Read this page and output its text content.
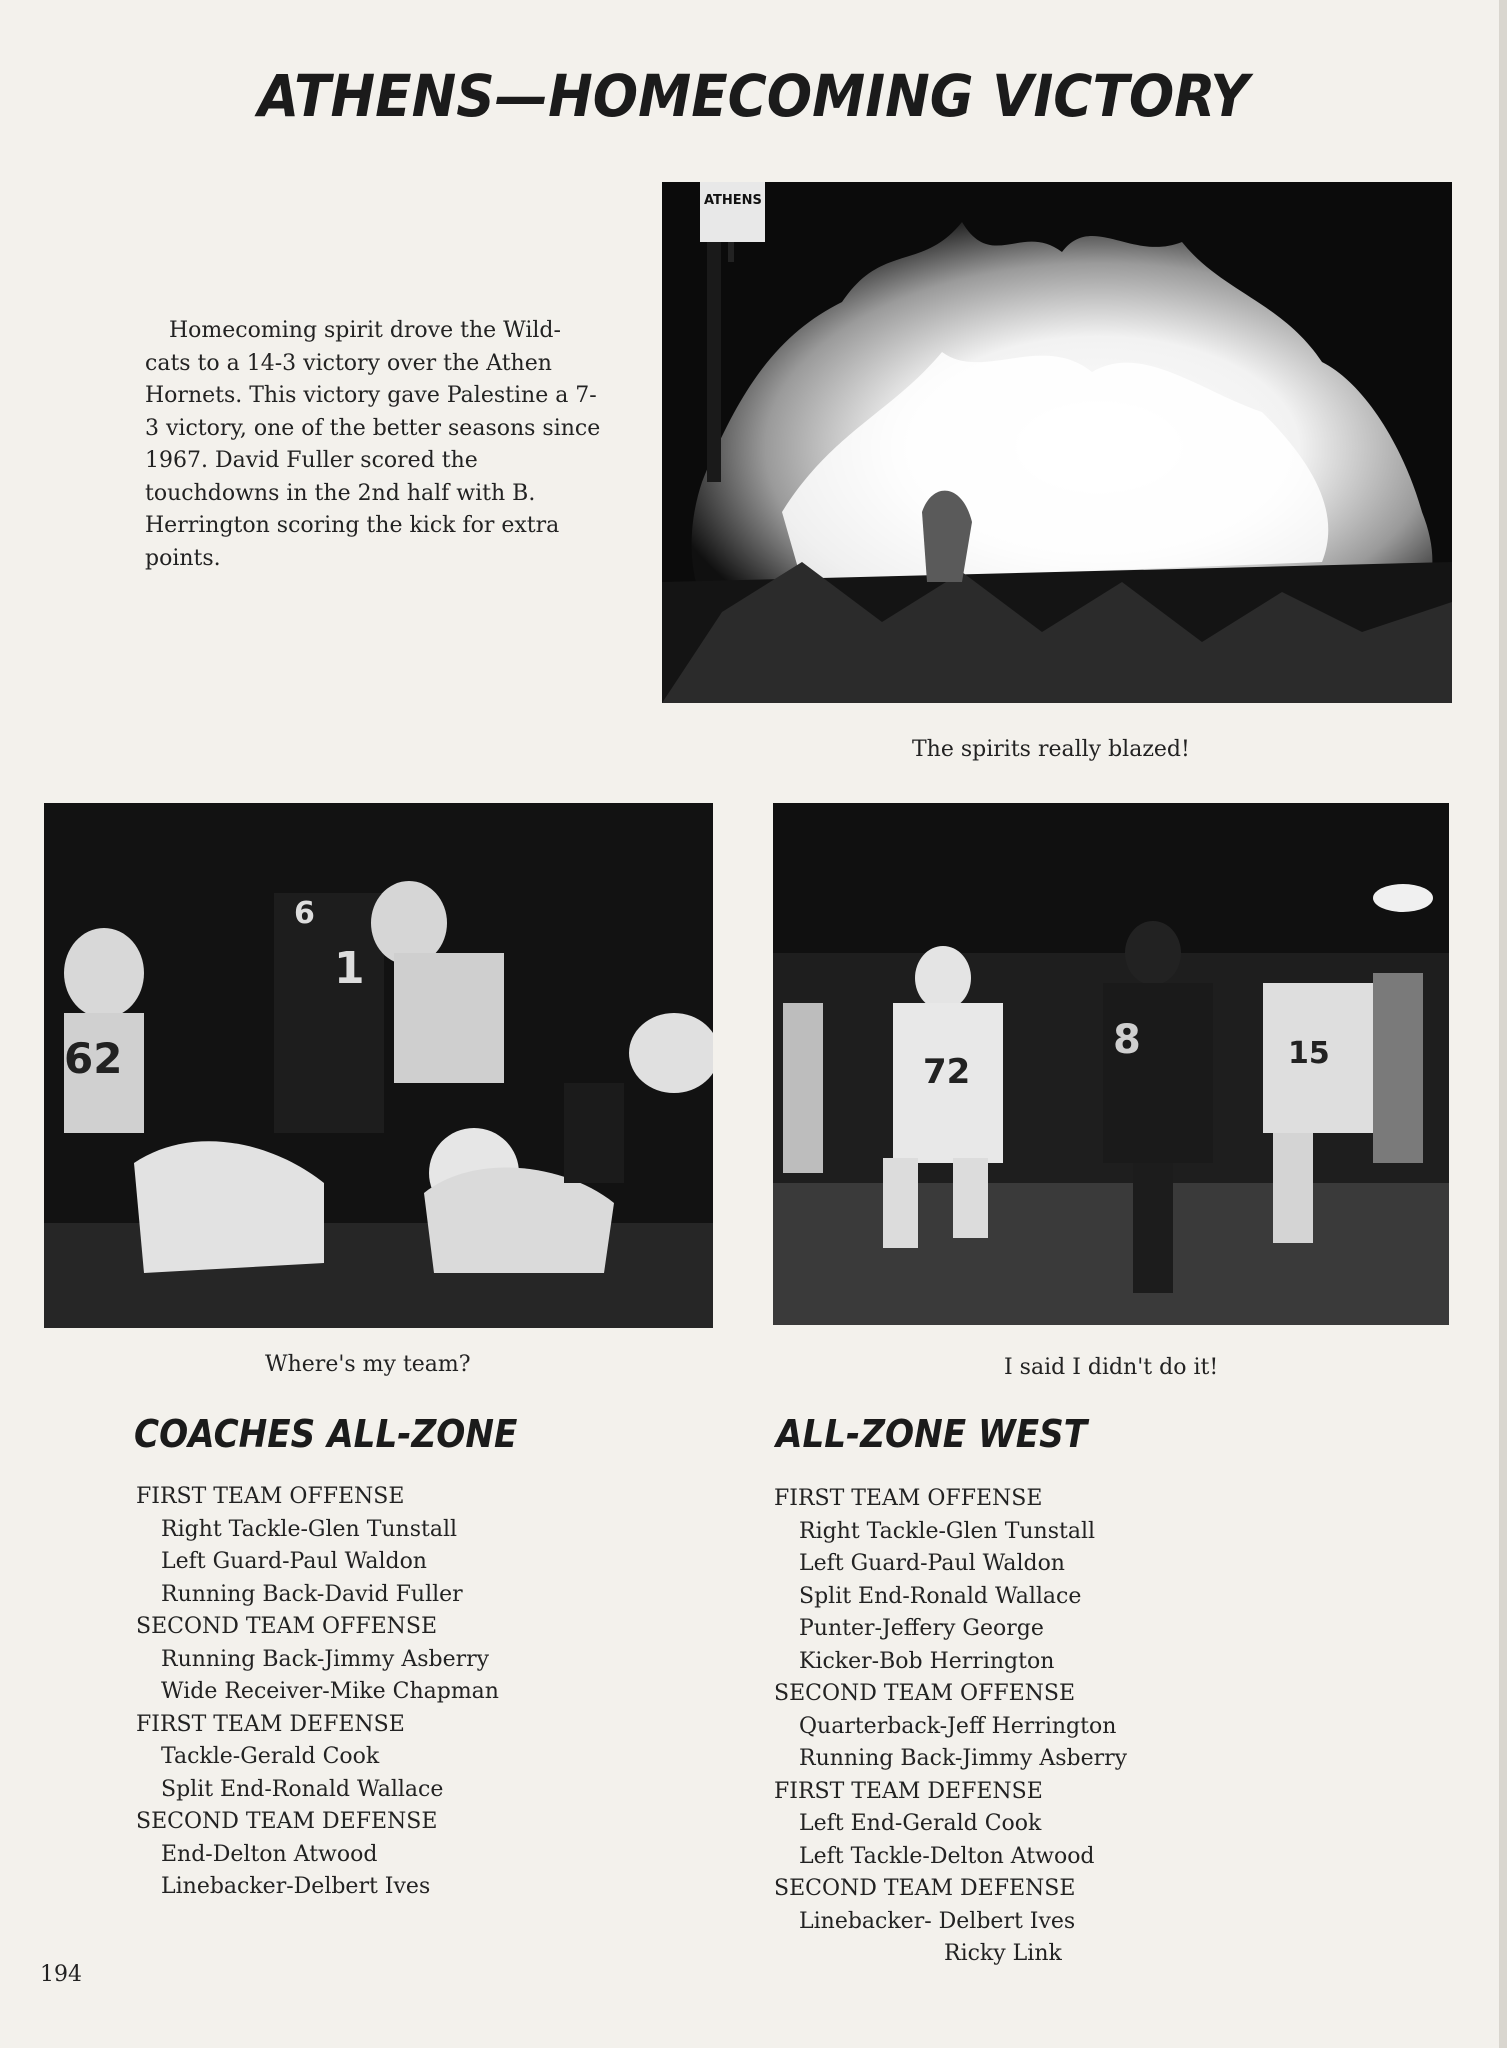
ATHENS—HOMECOMING VICTORY

Homecoming spirit drove the Wild-cats to a 14-3 victory over the Athen Hornets. This victory gave Palestine a 7-3 victory, one of the better seasons since 1967. David Fuller scored the touchdowns in the 2nd half with B. Herrington scoring the kick for extra points.

ATHENS
The spirits really blazed!
62
6
1
Where's my team?
72
8	15
I said I didn't do it!
COACHES ALL-ZONE
FIRST TEAM OFFENSE
Right Tackle-Glen Tunstall
Left Guard-Paul Waldon
Running Back-David Fuller
SECOND TEAM OFFENSE
Running Back-Jimmy Asberry
Wide Receiver-Mike Chapman
FIRST TEAM DEFENSE
Tackle-Gerald Cook
Split End-Ronald Wallace
SECOND TEAM DEFENSE
End-Delton Atwood
Linebacker-Delbert Ives
ALL-ZONE WEST
FIRST TEAM OFFENSE
Right Tackle-Glen Tunstall
Left Guard-Paul Waldon
Split End-Ronald Wallace
Punter-Jeffery George
Kicker-Bob Herrington
SECOND TEAM OFFENSE
Quarterback-Jeff Herrington
Running Back-Jimmy Asberry
FIRST TEAM DEFENSE
Left End-Gerald Cook
Left Tackle-Delton Atwood
SECOND TEAM DEFENSE
Linebacker- Delbert Ives
Ricky Link
194
